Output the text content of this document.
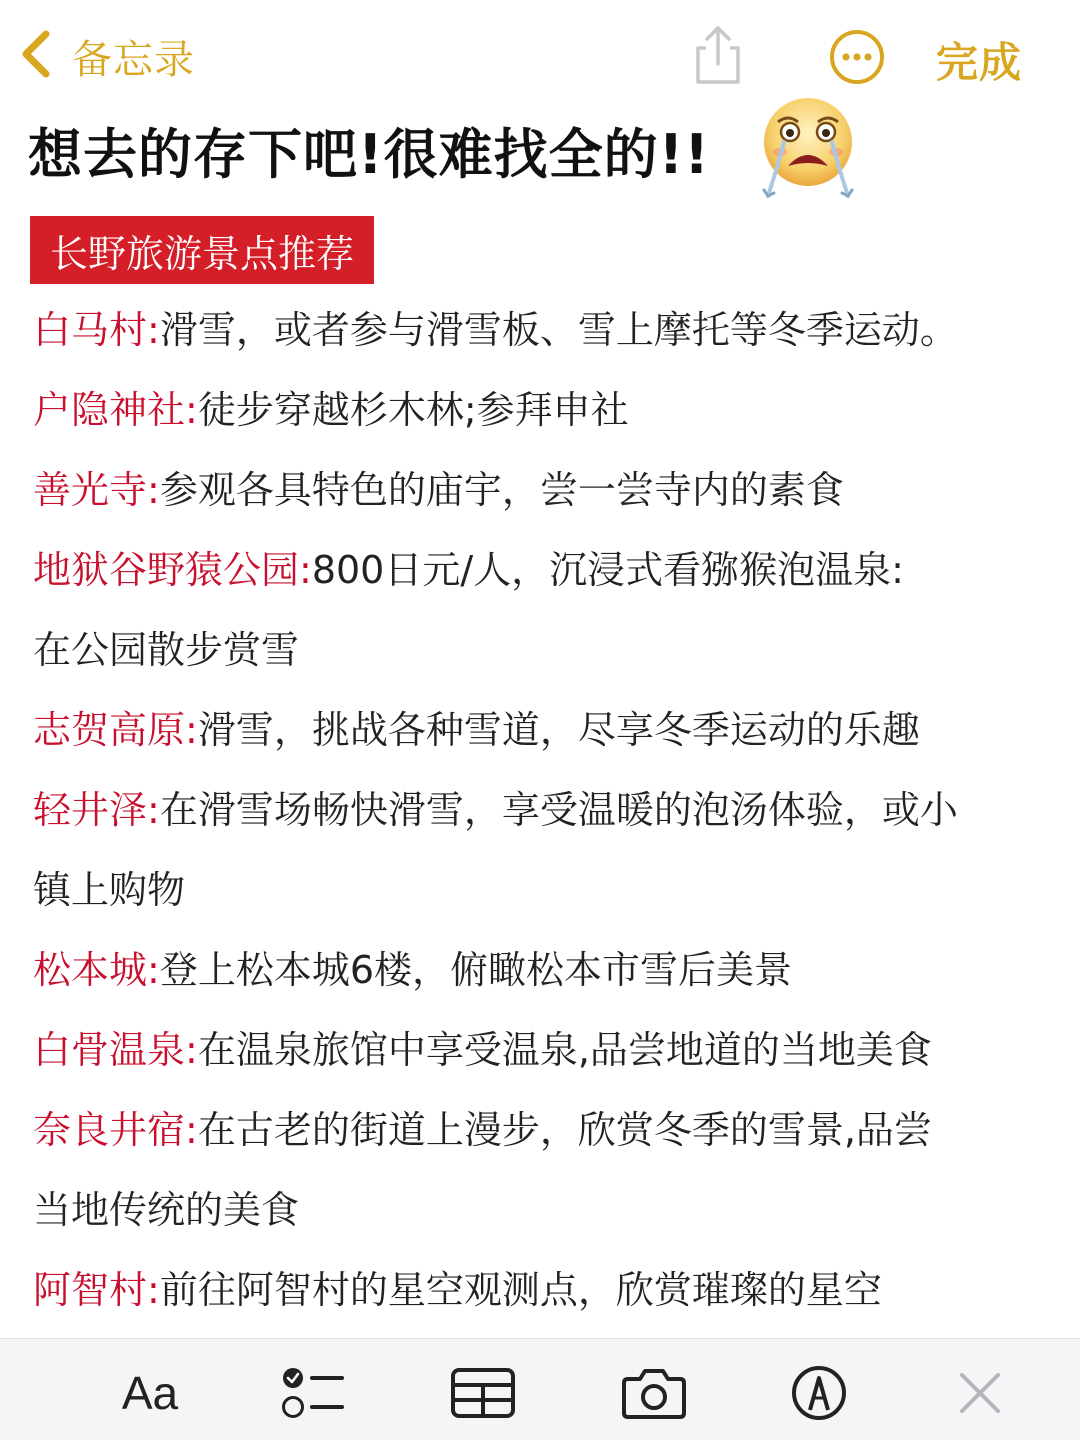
备忘录	完成
想去的存下吧!很难找全的!!
长野旅游景点推荐
白马村:滑雪，或者参与滑雪板、雪上摩托等冬季运动。
户隐神社:徒步穿越杉木林;参拜申社
善光寺:参观各具特色的庙宇，尝一尝寺内的素食
地狱谷野猿公园:800日元/人，沉浸式看猕猴泡温泉:
在公园散步赏雪
志贺高原:滑雪，挑战各种雪道，尽享冬季运动的乐趣
轻井泽:在滑雪场畅快滑雪，享受温暖的泡汤体验，或小
镇上购物
松本城:登上松本城6楼，俯瞰松本市雪后美景
白骨温泉:在温泉旅馆中享受温泉,品尝地道的当地美食
奈良井宿:在古老的街道上漫步，欣赏冬季的雪景,品尝
当地传统的美食
阿智村:前往阿智村的星空观测点，欣赏璀璨的星空
Aa
